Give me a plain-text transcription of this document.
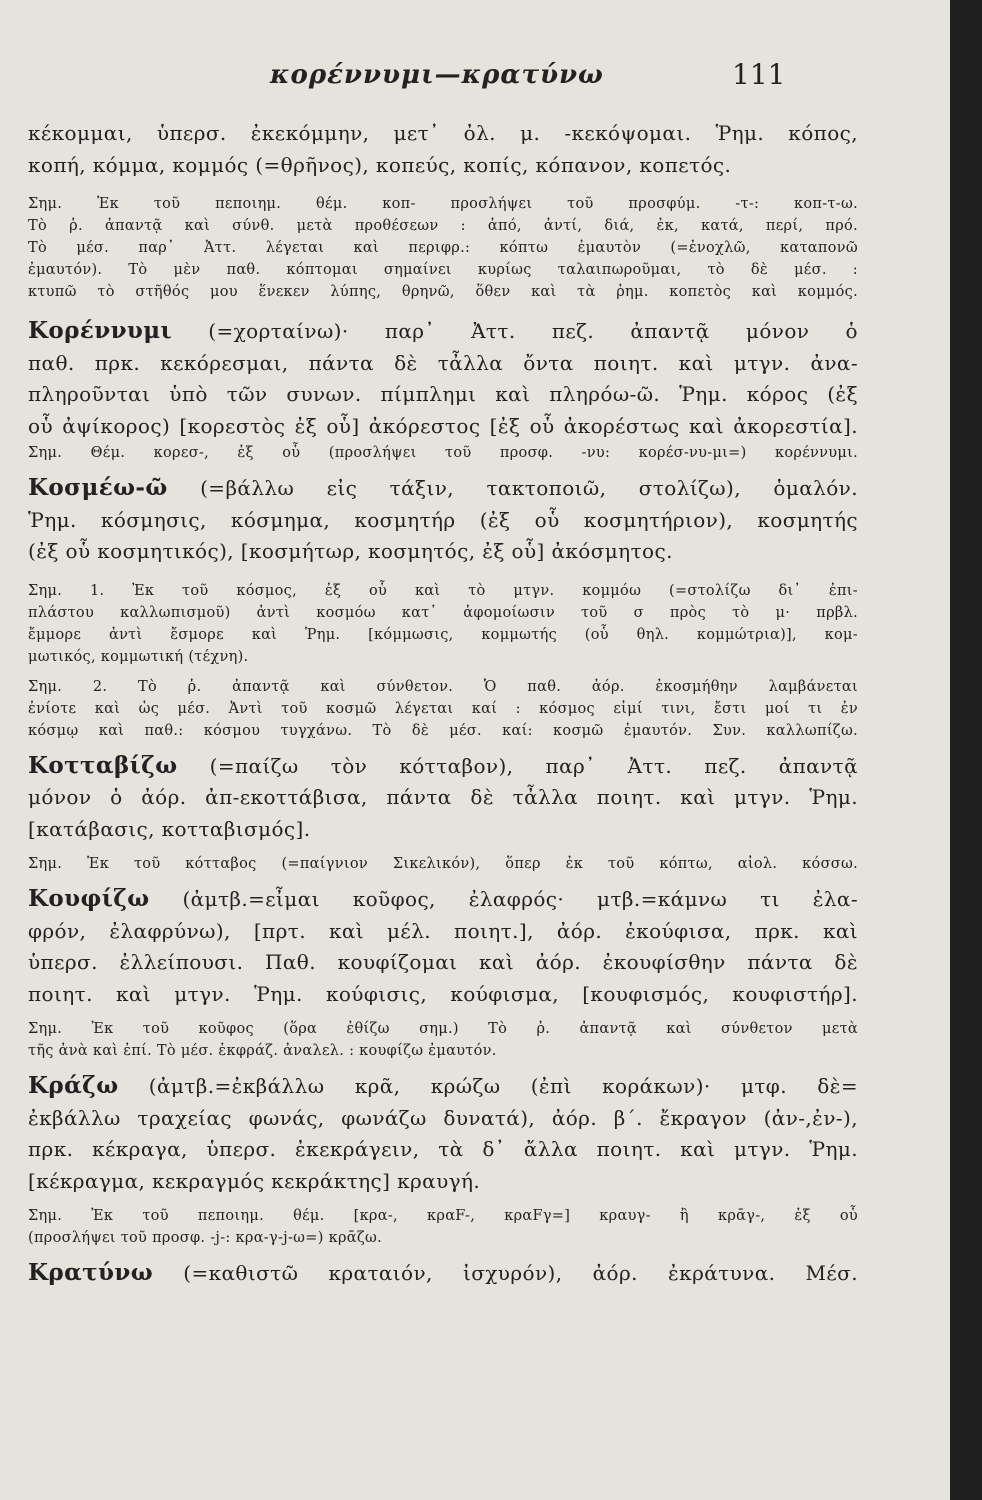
κορέννυμι—κρατύνω	111
κέκομμαι, ὑπερσ. ἐκεκόμμην, μετ᾽ ὀλ. μ. -κεκόψομαι. Ῥημ. κόπος,
κοπή, κόμμα, κομμός (=θρῆνος), κοπεύς, κοπίς, κόπανον, κοπετός.
Σημ. Ἐκ τοῦ πεποιημ. θέμ. κοπ- προσλήψει τοῦ προσφύμ. -τ-: κοπ-τ-ω.
Τὸ ῥ. ἀπαντᾷ καὶ σύνθ. μετὰ προθέσεων : ἀπό, ἀντί, διά, ἐκ, κατά, περί, πρό.
Τὸ μέσ. παρ᾽ Ἀττ. λέγεται καὶ περιφρ.: κόπτω ἐμαυτὸν (=ἐνοχλῶ, καταπονῶ
ἐμαυτόν). Τὸ μὲν παθ. κόπτομαι σημαίνει κυρίως ταλαιπωροῦμαι, τὸ δὲ μέσ. :
κτυπῶ τὸ στῆθός μου ἕνεκεν λύπης, θρηνῶ, ὅθεν καὶ τὰ ῥημ. κοπετὸς καὶ κομμός.
Κορέννυμι (=χορταίνω)· παρ᾽ Ἀττ. πεζ. ἀπαντᾷ μόνον ὁ
παθ. πρκ. κεκόρεσμαι, πάντα δὲ τἆλλα ὄντα ποιητ. καὶ μτγν. ἀνα-
πληροῦνται ὑπὸ τῶν συνων. πίμπλημι καὶ πληρόω-ῶ. Ῥημ. κόρος (ἐξ
οὗ ἀψίκορος) [κορεστὸς ἐξ οὗ] ἀκόρεστος [ἐξ οὗ ἀκορέστως καὶ ἀκορεστία].
Σημ. Θέμ. κορεσ-, ἐξ οὗ (προσλήψει τοῦ προσφ. -νυ: κορέσ-νυ-μι=) κορέννυμι.
Κοσμέω-ῶ (=βάλλω εἰς τάξιν, τακτοποιῶ, στολίζω), ὁμαλόν.
Ῥημ. κόσμησις, κόσμημα, κοσμητήρ (ἐξ οὗ κοσμητήριον), κοσμητής
(ἐξ οὗ κοσμητικός), [κοσμήτωρ, κοσμητός, ἐξ οὗ] ἀκόσμητος.
Σημ. 1. Ἐκ τοῦ κόσμος, ἐξ οὗ καὶ τὸ μτγν. κομμόω (=στολίζω δι᾽ ἐπι-
πλάστου καλλωπισμοῦ) ἀντὶ κοσμόω κατ᾽ ἀφομοίωσιν τοῦ σ πρὸς τὸ μ· πρβλ.
ἔμμορε ἀντὶ ἔσμορε καὶ Ῥημ. [κόμμωσις, κομμωτής (οὗ θηλ. κομμώτρια)], κομ-
μωτικός, κομμωτική (τέχνη).
Σημ. 2. Τὸ ῥ. ἀπαντᾷ καὶ σύνθετον. Ὁ παθ. ἀόρ. ἐκοσμήθην λαμβάνεται
ἐνίοτε καὶ ὡς μέσ. Ἀντὶ τοῦ κοσμῶ λέγεται καί : κόσμος εἰμί τινι, ἔστι μοί τι ἐν
κόσμῳ καὶ παθ.: κόσμου τυγχάνω. Τὸ δὲ μέσ. καί: κοσμῶ ἐμαυτόν. Συν. καλλωπίζω.
Κοτταβίζω (=παίζω τὸν κότταβον), παρ᾽ Ἀττ. πεζ. ἀπαντᾷ
μόνον ὁ ἀόρ. ἀπ-εκοττάβισα, πάντα δὲ τἆλλα ποιητ. καὶ μτγν. Ῥημ.
[κατάβασις, κοτταβισμός].
Σημ. Ἐκ τοῦ κότταβος (=παίγνιον Σικελικόν), ὅπερ ἐκ τοῦ κόπτω, αἰολ. κόσσω.
Κουφίζω (ἀμτβ.=εἶμαι κοῦφος, ἐλαφρός· μτβ.=κάμνω τι ἐλα-
φρόν, ἐλαφρύνω), [πρτ. καὶ μέλ. ποιητ.], ἀόρ. ἐκούφισα, πρκ. καὶ
ὑπερσ. ἐλλείπουσι. Παθ. κουφίζομαι καὶ ἀόρ. ἐκουφίσθην πάντα δὲ
ποιητ. καὶ μτγν. Ῥημ. κούφισις, κούφισμα, [κουφισμός, κουφιστήρ].
Σημ. Ἐκ τοῦ κοῦφος (ὅρα ἐθίζω σημ.) Τὸ ῥ. ἀπαντᾷ καὶ σύνθετον μετὰ
τῆς ἀνὰ καὶ ἐπί. Τὸ μέσ. ἐκφράζ. ἀναλελ. : κουφίζω ἐμαυτόν.
Κράζω (ἀμτβ.=ἐκβάλλω κρᾶ, κρώζω (ἐπὶ κοράκων)· μτφ. δὲ=
ἐκβάλλω τραχείας φωνάς, φωνάζω δυνατά), ἀόρ. β΄. ἔκραγον (ἀν-,ἐν-),
πρκ. κέκραγα, ὑπερσ. ἐκεκράγειν, τὰ δ᾽ ἄλλα ποιητ. καὶ μτγν. Ῥημ.
[κέκραγμα, κεκραγμός κεκράκτης] κραυγή.
Σημ. Ἐκ τοῦ πεποιημ. θέμ. [κρα-, κραF-, κραFγ=] κραυγ- ἢ κρᾱγ-, ἐξ οὗ
(προσλήψει τοῦ προσφ. -j-: κρα-γ-j-ω=) κρᾱζω.
Κρατύνω (=καθιστῶ κραταιόν, ἰσχυρόν), ἀόρ. ἐκράτυνα. Μέσ.
